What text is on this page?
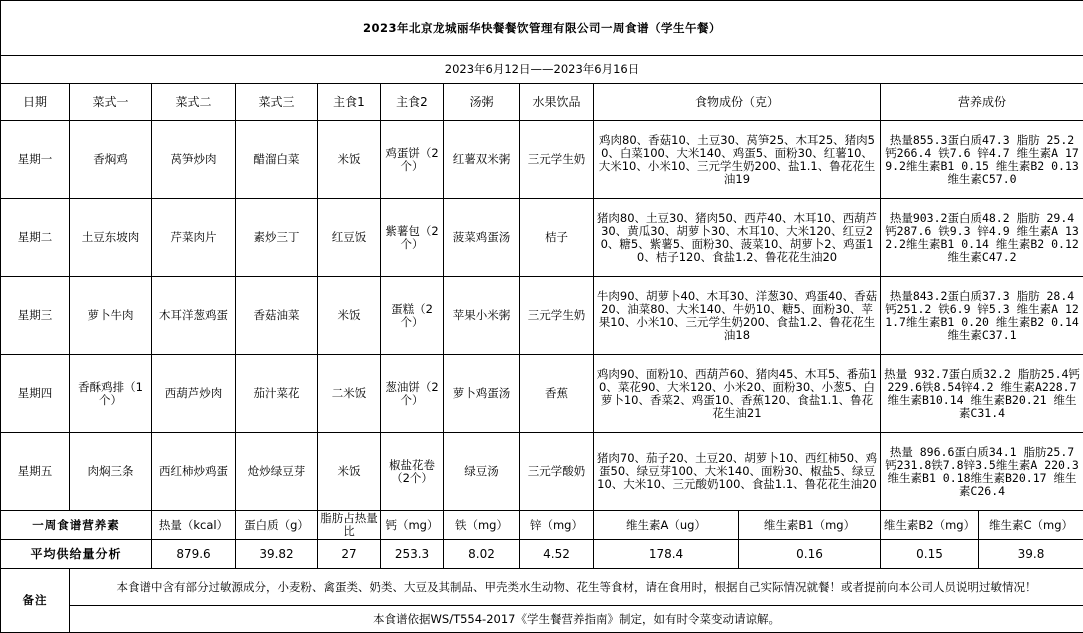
2023年北京龙城丽华快餐餐饮管理有限公司一周食谱（学生午餐）											
2023年6月12日——2023年6月16日											
日期	菜式一	菜式二	菜式三	主食1	主食2	汤粥	水果饮品	食物成份（克）		营养成份	
星期一	香焖鸡	莴笋炒肉	醋溜白菜	米饭	鸡蛋饼（2个）	红薯双米粥	三元学生奶	鸡肉80、香菇10、土豆30、莴笋25、木耳25、猪肉50、白菜100、大米140、鸡蛋5、面粉30、红薯10、大米10、小米10、三元学生奶200、盐1.1、鲁花花生油19		热量855.3蛋白质47.3 脂肪 25.2 钙266.4 铁7.6 锌4.7 维生素A 179.2维生素B1 0.15 维生素B2 0.13 维生素C57.0	
星期二	土豆东坡肉	芹菜肉片	素炒三丁	红豆饭	紫薯包（2个）	菠菜鸡蛋汤	桔子	猪肉80、土豆30、猪肉50、西芹40、木耳10、西葫芦30、黄瓜30、胡萝卜30、木耳10、大米120、红豆20、糖5、紫薯5、面粉30、菠菜10、胡萝卜2、鸡蛋10、桔子120、食盐1.2、鲁花花生油20		热量903.2蛋白质48.2 脂肪 29.4 钙287.6 铁9.3 锌4.9 维生素A 132.2维生素B1 0.14 维生素B2 0.12 维生素C47.2	
星期三	萝卜牛肉	木耳洋葱鸡蛋	香菇油菜	米饭	蛋糕（2个）	苹果小米粥	三元学生奶	牛肉90、胡萝卜40、木耳30、洋葱30、鸡蛋40、香菇20、油菜80、大米140、牛奶10、糖5、面粉30、苹果10、小米10、三元学生奶200、食盐1.2、鲁花花生油18		热量843.2蛋白质37.3 脂肪 28.4 钙251.2 铁6.9 锌5.3 维生素A 121.7维生素B1 0.20 维生素B2 0.14 维生素C37.1	
星期四	香酥鸡排（1个）	西葫芦炒肉	茄汁菜花	二米饭	葱油饼（2个）	萝卜鸡蛋汤	香蕉	鸡肉90、面粉10、西葫芦60、猪肉45、木耳5、番茄10、菜花90、大米120、小米20、面粉30、小葱5、白萝卜10、香菜2、鸡蛋10、香蕉120、食盐1.1、鲁花花生油21		热量 932.7蛋白质32.2 脂肪25.4钙229.6铁8.54锌4.2 维生素A228.7 维生素B10.14 维生素B20.21 维生素C31.4	
星期五	肉焖三条	西红柿炒鸡蛋	炝炒绿豆芽	米饭	椒盐花卷（2个）	绿豆汤	三元学酸奶	猪肉70、茄子20、土豆20、胡萝卜10、西红柿50、鸡蛋50、绿豆芽100、大米140、面粉30、椒盐5、绿豆10、大米10、三元酸奶100、食盐1.1、鲁花花生油20		热量 896.6蛋白质34.1 脂肪25.7 钙231.8铁7.8锌3.5维生素A 220.3维生素B1 0.18维生素B20.17 维生素C26.4	
一周食谱营养素		热量（kcal）	蛋白质（g）	脂肪占热量比	钙（mg）	铁（mg）	锌（mg）	维生素A（ug）	维生素B1（mg）	维生素B2（mg）	维生素C（mg）
平均供给量分析		879.6	39.82	27	253.3	8.02	4.52	178.4	0.16	0.15	39.8
备注	本食谱中含有部分过敏源成分，小麦粉、禽蛋类、奶类、大豆及其制品、甲壳类水生动物、花生等食材，请在食用时，根据自己实际情况就餐！或者提前向本公司人员说明过敏情况！										
	本食谱依据WS/T554-2017《学生餐营养指南》制定，如有时令菜变动请谅解。										
